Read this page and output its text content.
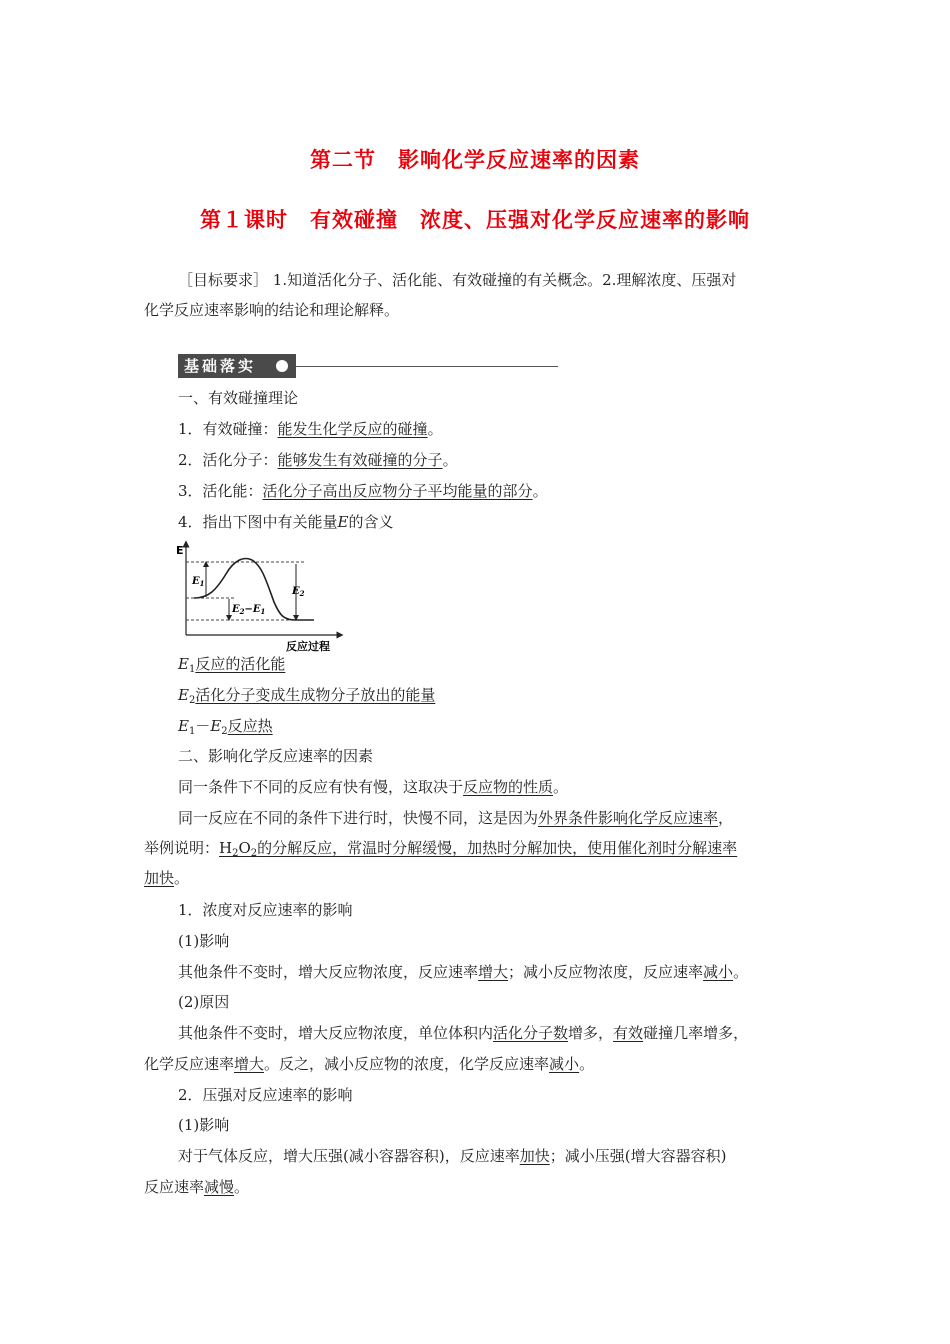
第二节　影响化学反应速率的因素
第１课时　有效碰撞　浓度、压强对化学反应速率的影响
［目标要求］ 1.知道活化分子、活化能、有效碰撞的有关概念。2.理解浓度、压强对
化学反应速率影响的结论和理论解释。
基础落实
一、有效碰撞理论
1．有效碰撞：能发生化学反应的碰撞。
2．活化分子：能够发生有效碰撞的分子。
3．活化能：活化分子高出反应物分子平均能量的部分。
4．指出下图中有关能量E的含义
E
$E_1$
$E_2$
$E_2-E_1$
反应过程
$E_1$反应的活化能
$E_2$活化分子变成生成物分子放出的能量
$E_1-E_2$反应热
二、影响化学反应速率的因素
同一条件下不同的反应有快有慢，这取决于反应物的性质。
同一反应在不同的条件下进行时，快慢不同，这是因为外界条件影响化学反应速率，
举例说明：$H_2O_2$的分解反应，常温时分解缓慢，加热时分解加快，使用催化剂时分解速率
加快。
1．浓度对反应速率的影响
(1)影响
其他条件不变时，增大反应物浓度，反应速率增大；减小反应物浓度，反应速率减小。
(2)原因
其他条件不变时，增大反应物浓度，单位体积内活化分子数增多，有效碰撞几率增多，
化学反应速率增大。反之，减小反应物的浓度，化学反应速率减小。
2．压强对反应速率的影响
(1)影响
对于气体反应，增大压强(减小容器容积)，反应速率加快；减小压强(增大容器容积)
反应速率减慢。
